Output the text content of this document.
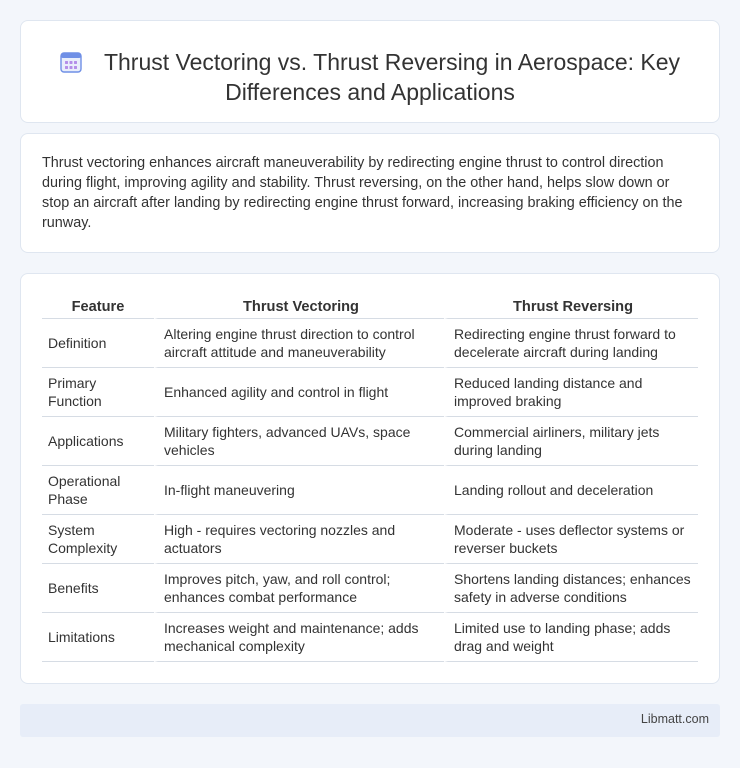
Thrust Vectoring vs. Thrust Reversing in Aerospace: Key Differences and Applications

Thrust vectoring enhances aircraft maneuverability by redirecting engine thrust to control direction during flight, improving agility and stability. Thrust reversing, on the other hand, helps slow down or stop an aircraft after landing by redirecting engine thrust forward, increasing braking efficiency on the runway.

Feature	Thrust Vectoring	Thrust Reversing
Definition	Altering engine thrust direction to control aircraft attitude and maneuverability	Redirecting engine thrust forward to decelerate aircraft during landing
Primary Function	Enhanced agility and control in flight	Reduced landing distance and improved braking
Applications	Military fighters, advanced UAVs, space vehicles	Commercial airliners, military jets during landing
Operational Phase	In-flight maneuvering	Landing rollout and deceleration
System Complexity	High - requires vectoring nozzles and actuators	Moderate - uses deflector systems or reverser buckets
Benefits	Improves pitch, yaw, and roll control; enhances combat performance	Shortens landing distances; enhances safety in adverse conditions
Limitations	Increases weight and maintenance; adds mechanical complexity	Limited use to landing phase; adds drag and weight
Libmatt.com
